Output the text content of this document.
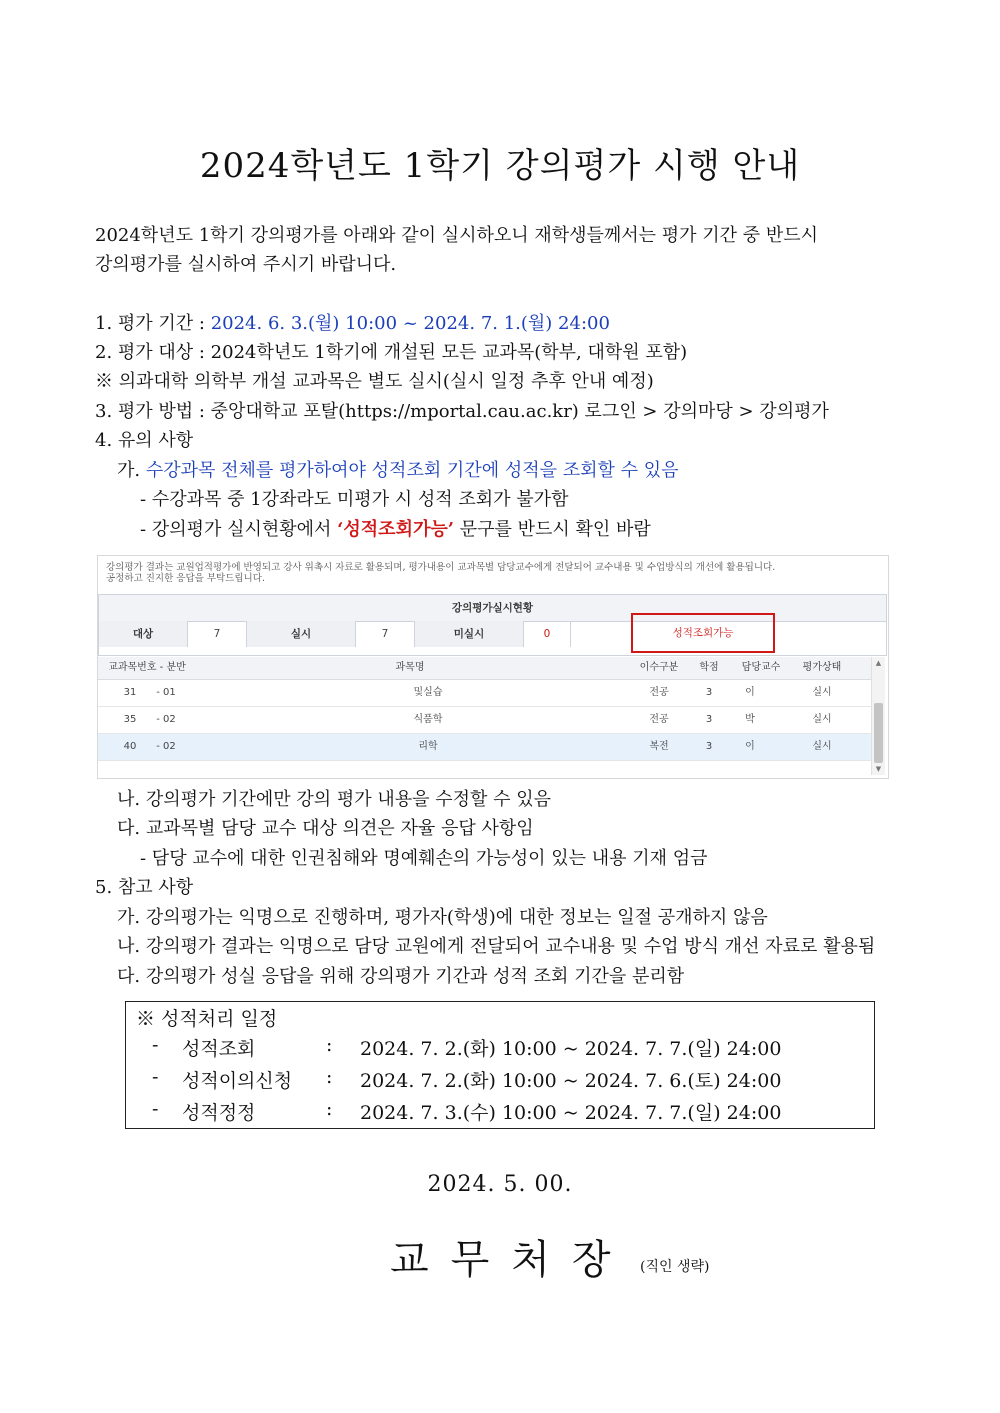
2024학년도 1학기 강의평가 시행 안내
2024학년도 1학기 강의평가를 아래와 같이 실시하오니 재학생들께서는 평가 기간 중 반드시
강의평가를 실시하여 주시기 바랍니다.
1. 평가 기간 : 2024. 6. 3.(월) 10:00 ~ 2024. 7. 1.(월) 24:00
2. 평가 대상 : 2024학년도 1학기에 개설된 모든 교과목(학부, 대학원 포함)
※ 의과대학 의학부 개설 교과목은 별도 실시(실시 일정 추후 안내 예정)
3. 평가 방법 : 중앙대학교 포탈(https://mportal.cau.ac.kr) 로그인 > 강의마당 > 강의평가
4. 유의 사항
가. 수강과목 전체를 평가하여야 성적조회 기간에 성적을 조회할 수 있음
- 수강과목 중 1강좌라도 미평가 시 성적 조회가 불가함
- 강의평가 실시현황에서 ‘성적조회가능’ 문구를 반드시 확인 바람
강의평가 결과는 교원업적평가에 반영되고 강사 위촉시 자료로 활용되며, 평가내용이 교과목별 담당교수에게 전달되어 교수내용 및 수업방식의 개선에 활용됩니다.
공정하고 진지한 응답을 부탁드립니다.
강의평가실시현황
대상	7	실시	7	미실시	0	성적조회가능
교과목번호 - 분반	과목명	이수구분	학점	담당교수	평가상태
31	- 01	및실습	전공	3	이	실시
35	- 02	식품학	전공	3	박	실시
40	- 02	리학	복전	3	이	실시
▲
▼
나. 강의평가 기간에만 강의 평가 내용을 수정할 수 있음
다. 교과목별 담당 교수 대상 의견은 자율 응답 사항임
- 담당 교수에 대한 인권침해와 명예훼손의 가능성이 있는 내용 기재 엄금
5. 참고 사항
가. 강의평가는 익명으로 진행하며, 평가자(학생)에 대한 정보는 일절 공개하지 않음
나. 강의평가 결과는 익명으로 담당 교원에게 전달되어 교수내용 및 수업 방식 개선 자료로 활용됨
다. 강의평가 성실 응답을 위해 강의평가 기간과 성적 조회 기간을 분리함
※ 성적처리 일정
- 성적조회	: 2024. 7. 2.(화) 10:00 ~ 2024. 7. 7.(일) 24:00
- 성적이의신청 : 2024. 7. 2.(화) 10:00 ~ 2024. 7. 6.(토) 24:00
- 성적정정	: 2024. 7. 3.(수) 10:00 ~ 2024. 7. 7.(일) 24:00
2024. 5. 00.
교무처장 (직인 생략)
